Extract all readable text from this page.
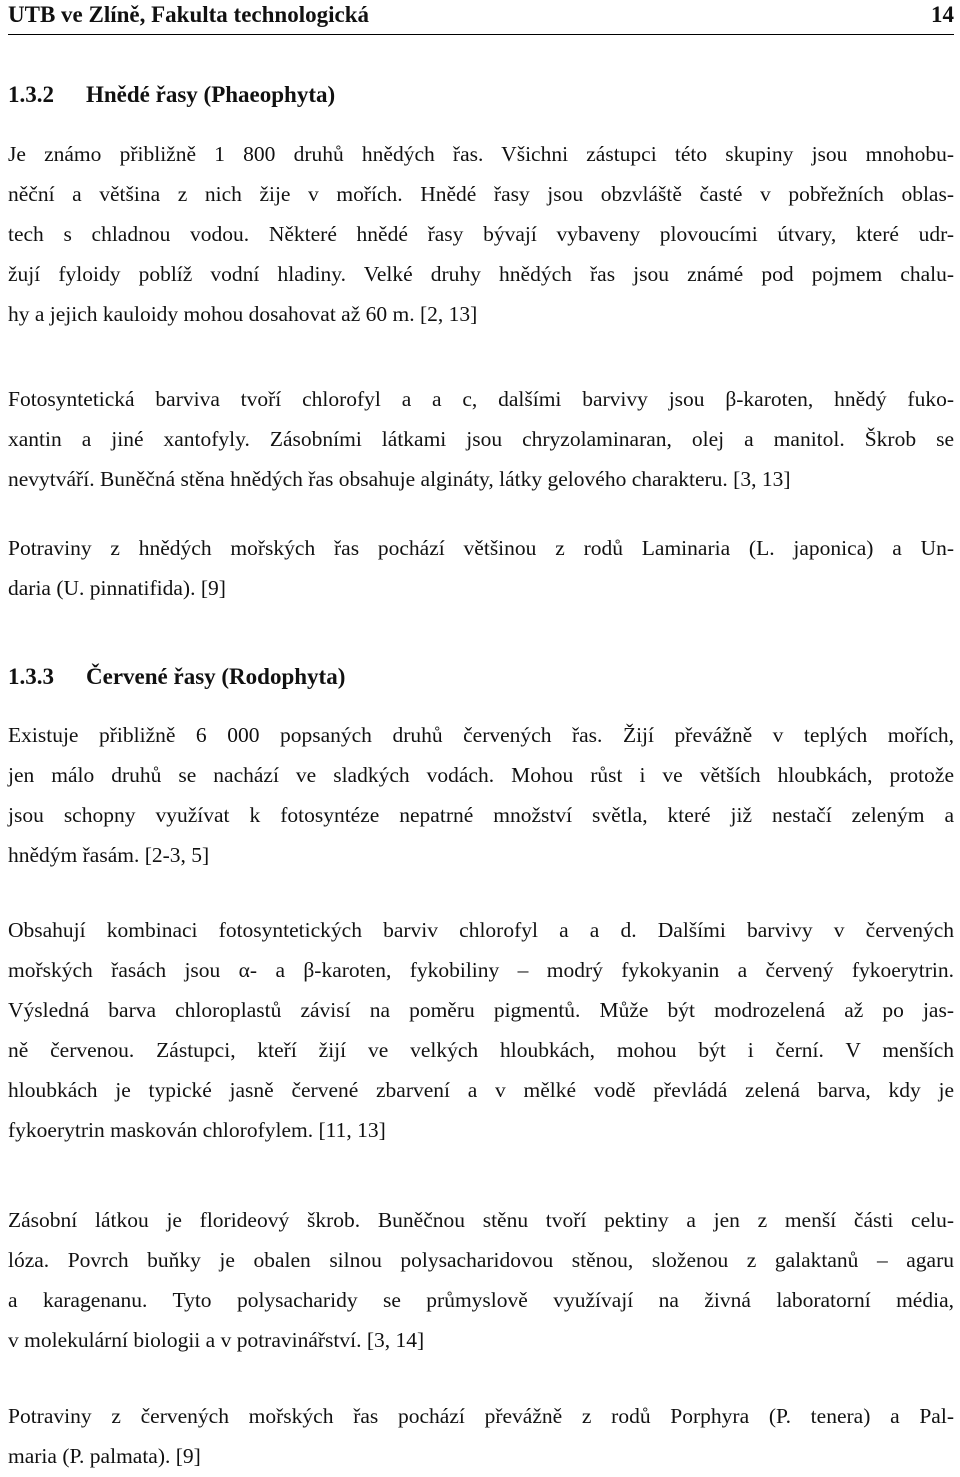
UTB ve Zlíně, Fakulta technologická	14
1.3.2 Hnědé řasy (Phaeophyta)
Je známo přibližně 1 800 druhů hnědých řas. Všichni zástupci této skupiny jsou mnohobu-
něční a většina z nich žije v mořích. Hnědé řasy jsou obzvláště časté v pobřežních oblas-
tech s chladnou vodou. Některé hnědé řasy bývají vybaveny plovoucími útvary, které udr-
žují fyloidy poblíž vodní hladiny. Velké druhy hnědých řas jsou známé pod pojmem chalu-
hy a jejich kauloidy mohou dosahovat až 60 m. [2, 13]
Fotosyntetická barviva tvoří chlorofyl a a c, dalšími barvivy jsou β-karoten, hnědý fuko-
xantin a jiné xantofyly. Zásobními látkami jsou chryzolaminaran, olej a manitol. Škrob se
nevytváří. Buněčná stěna hnědých řas obsahuje algináty, látky gelového charakteru. [3, 13]
Potraviny z hnědých mořských řas pochází většinou z rodů Laminaria (L. japonica) a Un-
daria (U. pinnatifida). [9]
1.3.3 Červené řasy (Rodophyta)
Existuje přibližně 6 000 popsaných druhů červených řas. Žijí převážně v teplých mořích,
jen málo druhů se nachází ve sladkých vodách. Mohou růst i ve větších hloubkách, protože
jsou schopny využívat k fotosyntéze nepatrné množství světla, které již nestačí zeleným a
hnědým řasám. [2-3, 5]
Obsahují kombinaci fotosyntetických barviv chlorofyl a a d. Dalšími barvivy v červených
mořských řasách jsou α- a β-karoten, fykobiliny – modrý fykokyanin a červený fykoerytrin.
Výsledná barva chloroplastů závisí na poměru pigmentů. Může být modrozelená až po jas-
ně červenou. Zástupci, kteří žijí ve velkých hloubkách, mohou být i černí. V menších
hloubkách je typické jasně červené zbarvení a v mělké vodě převládá zelená barva, kdy je
fykoerytrin maskován chlorofylem. [11, 13]
Zásobní látkou je florideový škrob. Buněčnou stěnu tvoří pektiny a jen z menší části celu-
lóza. Povrch buňky je obalen silnou polysacharidovou stěnou, složenou z galaktanů – agaru
a karagenanu. Tyto polysacharidy se průmyslově využívají na živná laboratorní média,
v molekulární biologii a v potravinářství. [3, 14]
Potraviny z červených mořských řas pochází převážně z rodů Porphyra (P. tenera) a Pal-
maria (P. palmata). [9]
